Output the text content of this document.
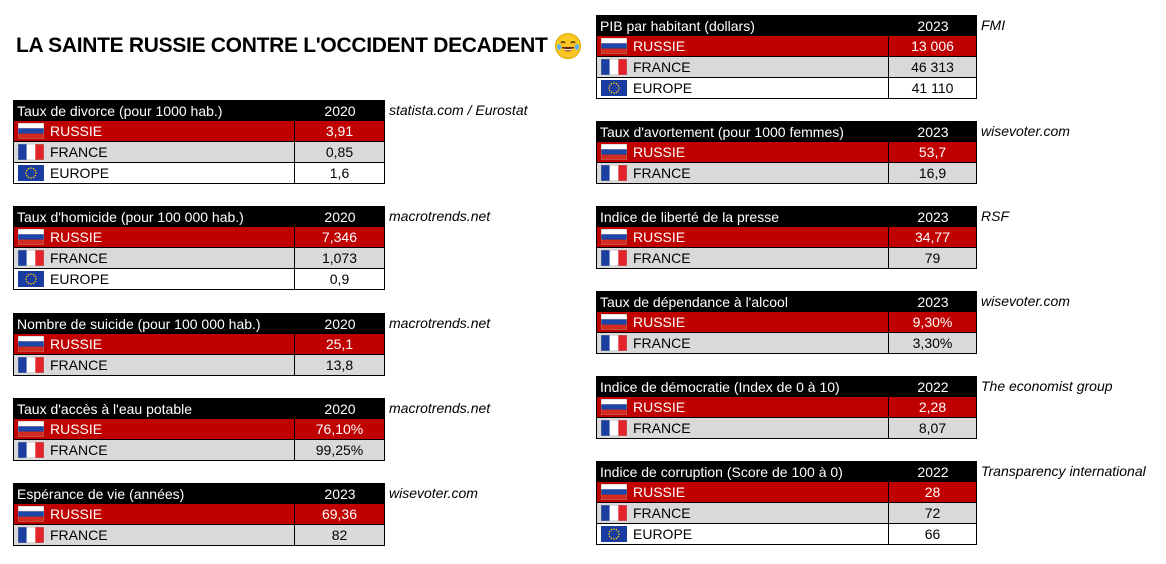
LA SAINTE RUSSIE CONTRE L'OCCIDENT DECADENT
Taux de divorce (pour 1000 hab.)	2020
RUSSIE	3,91
FRANCE	0,85
EUROPE	1,6
statista.com / Eurostat
Taux d'homicide (pour 100 000 hab.)	2020
RUSSIE	7,346
FRANCE	1,073
EUROPE	0,9
macrotrends.net
Nombre de suicide (pour 100 000 hab.)	2020
RUSSIE	25,1
FRANCE	13,8
macrotrends.net
Taux d'accès à l'eau potable	2020
RUSSIE	76,10%
FRANCE	99,25%
macrotrends.net
Espérance de vie (années)	2023
RUSSIE	69,36
FRANCE	82
wisevoter.com
PIB par habitant (dollars)	2023
RUSSIE	13 006
FRANCE	46 313
EUROPE	41 110
FMI
Taux d'avortement (pour 1000 femmes)	2023
RUSSIE	53,7
FRANCE	16,9
wisevoter.com
Indice de liberté de la presse	2023
RUSSIE	34,77
FRANCE	79
RSF
Taux de dépendance à l'alcool	2023
RUSSIE	9,30%
FRANCE	3,30%
wisevoter.com
Indice de démocratie (Index de 0 à 10)	2022
RUSSIE	2,28
FRANCE	8,07
The economist group
Indice de corruption (Score de 100 à 0)	2022
RUSSIE	28
FRANCE	72
EUROPE	66
Transparency international
